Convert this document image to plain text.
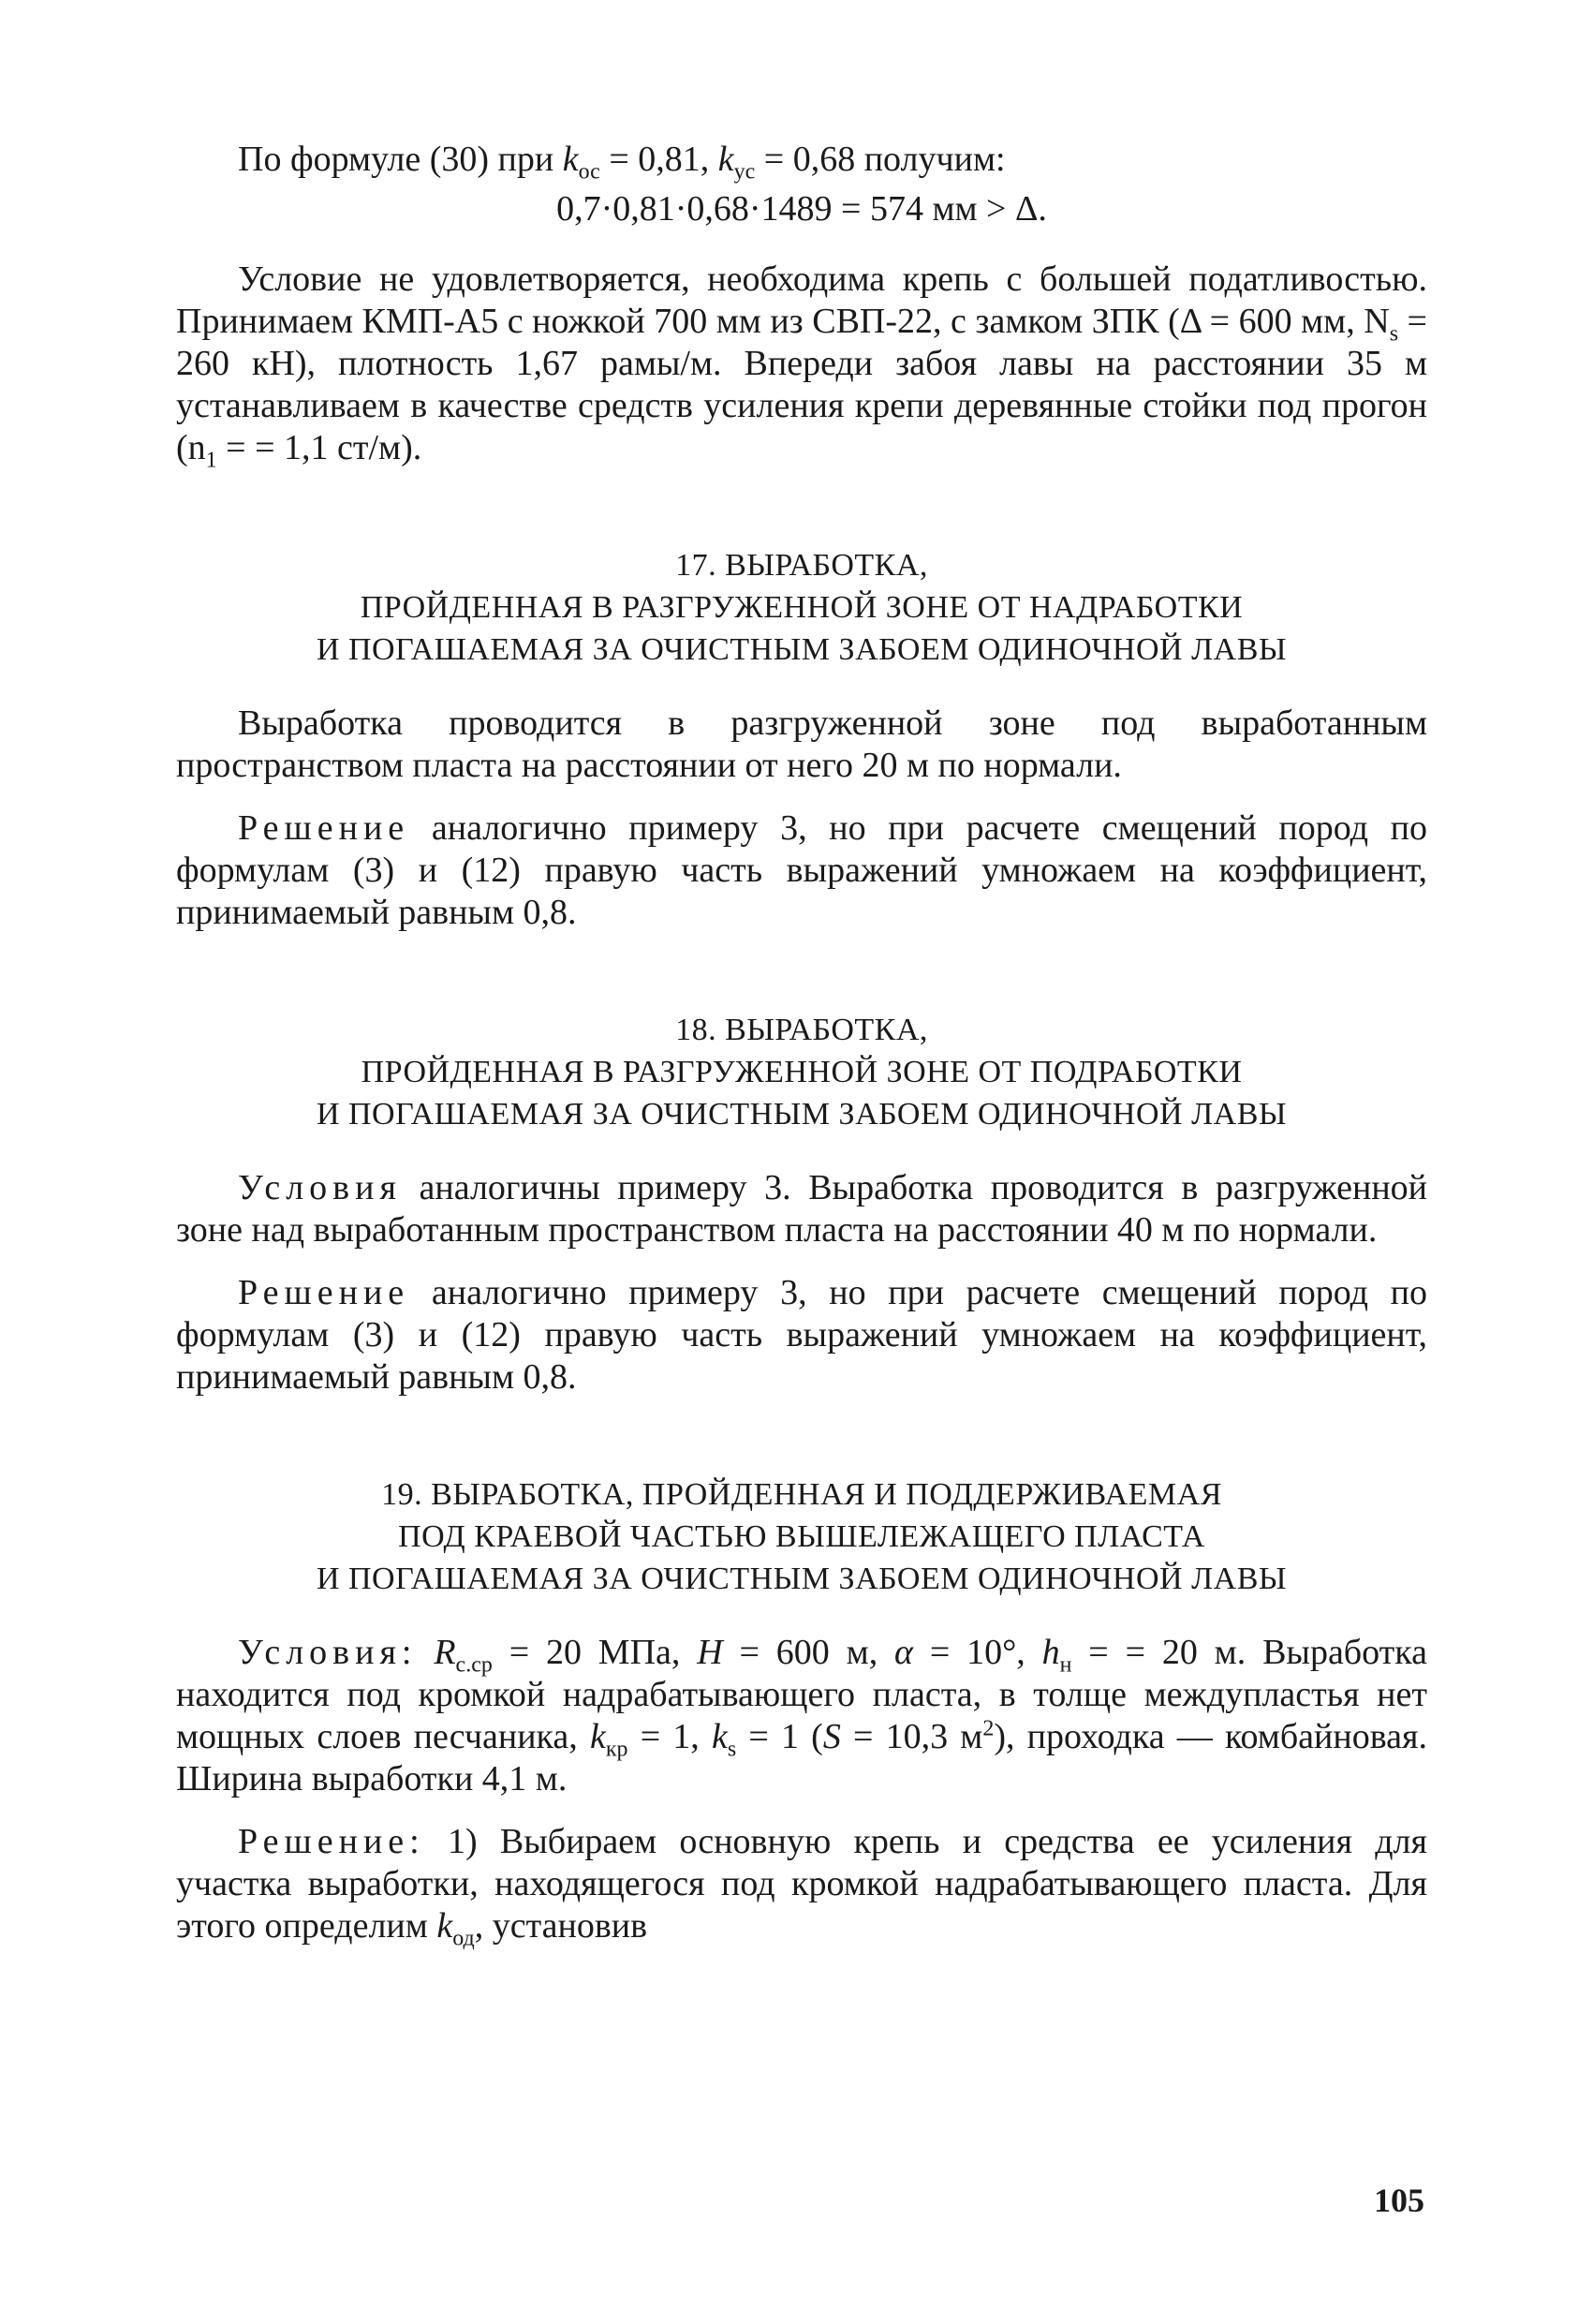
По формуле (30) при $k_{ос} = 0,81$, $k_{ус} = 0,68$ получим:

0,7·0,81·0,68·1489 = 574 мм > Δ.

Условие не удовлетворяется, необходима крепь с большей податливостью. Принимаем КМП-А5 с ножкой 700 мм из СВП-22, с замком ЗПК (Δ = 600 мм, $N_s = 260$ кН), плотность 1,67 рамы/м. Впереди забоя лавы на расстоянии 35 м устанавливаем в качестве средств усиления крепи деревянные стойки под прогон ($n_1$ = = 1,1 ст/м).

17. ВЫРАБОТКА,
ПРОЙДЕННАЯ В РАЗГРУЖЕННОЙ ЗОНЕ ОТ НАДРАБОТКИ
И ПОГАШАЕМАЯ ЗА ОЧИСТНЫМ ЗАБОЕМ ОДИНОЧНОЙ ЛАВЫ

Выработка проводится в разгруженной зоне под выработанным пространством пласта на расстоянии от него 20 м по нормали.

Решение аналогично примеру 3, но при расчете смещений пород по формулам (3) и (12) правую часть выражений умножаем на коэффициент, принимаемый равным 0,8.

18. ВЫРАБОТКА,
ПРОЙДЕННАЯ В РАЗГРУЖЕННОЙ ЗОНЕ ОТ ПОДРАБОТКИ
И ПОГАШАЕМАЯ ЗА ОЧИСТНЫМ ЗАБОЕМ ОДИНОЧНОЙ ЛАВЫ

Условия аналогичны примеру 3. Выработка проводится в разгруженной зоне над выработанным пространством пласта на расстоянии 40 м по нормали.

Решение аналогично примеру 3, но при расчете смещений пород по формулам (3) и (12) правую часть выражений умножаем на коэффициент, принимаемый равным 0,8.

19. ВЫРАБОТКА, ПРОЙДЕННАЯ И ПОДДЕРЖИВАЕМАЯ
ПОД КРАЕВОЙ ЧАСТЬЮ ВЫШЕЛЕЖАЩЕГО ПЛАСТА
И ПОГАШАЕМАЯ ЗА ОЧИСТНЫМ ЗАБОЕМ ОДИНОЧНОЙ ЛАВЫ

Условия: $R_{с.ср} = 20$ МПа, H = 600 м, α = 10°, $h_н$ = = 20 м. Выработка находится под кромкой надрабатывающего пласта, в толще междупластья нет мощных слоев песчаника, $k_{кр} = 1$, $k_s = 1$ (S = 10,3 $м^2$), проходка — комбайновая. Ширина выработки 4,1 м.

Решение: 1) Выбираем основную крепь и средства ее усиления для участка выработки, находящегося под кромкой надрабатывающего пласта. Для этого определим $k_{од}$, установив

105
